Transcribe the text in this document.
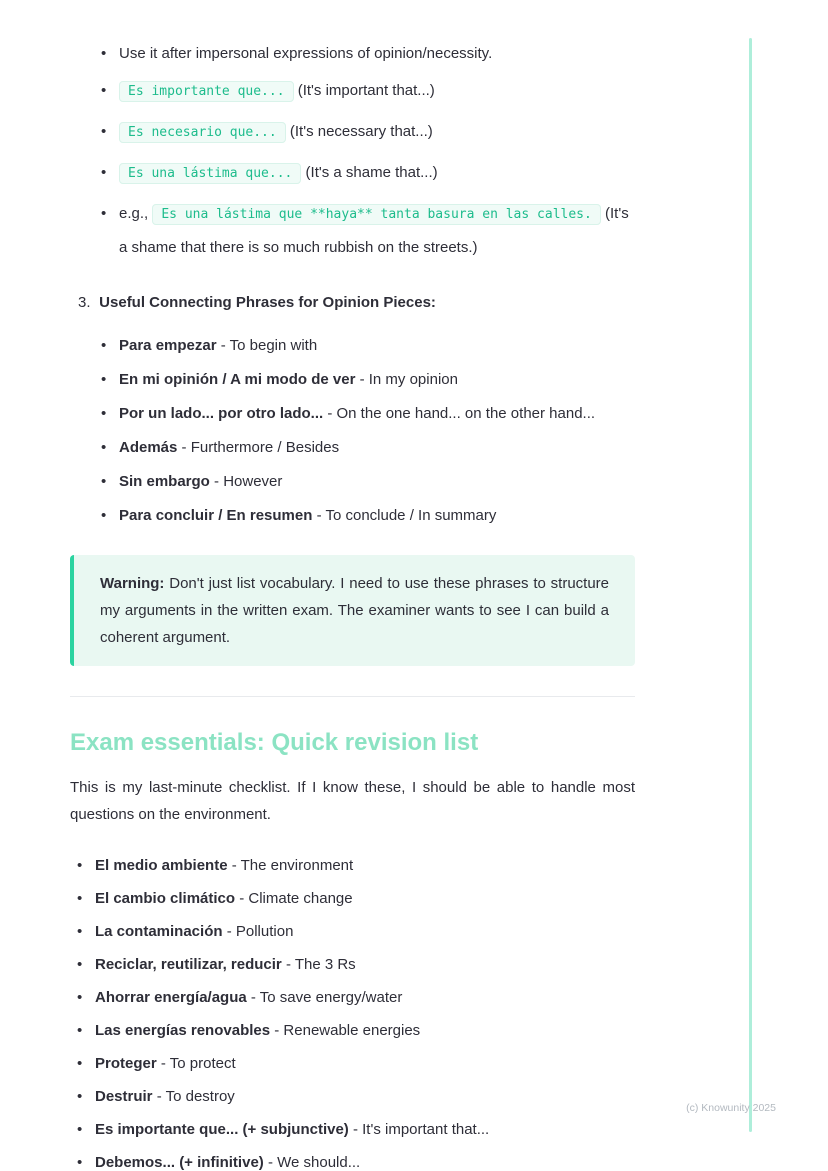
• Use it after impersonal expressions of opinion/necessity.
• Es importante que... (It's important that...)
• Es necesario que... (It's necessary that...)
• Es una lástima que... (It's a shame that...)
• e.g., Es una lástima que **haya** tanta basura en las calles. (It's a shame that there is so much rubbish on the streets.)
3. Useful Connecting Phrases for Opinion Pieces:
• Para empezar - To begin with
• En mi opinión / A mi modo de ver - In my opinion
• Por un lado... por otro lado... - On the one hand... on the other hand...
• Además - Furthermore / Besides
• Sin embargo - However
• Para concluir / En resumen - To conclude / In summary

Warning: Don't just list vocabulary. I need to use these phrases to structure my arguments in the written exam. The examiner wants to see I can build a coherent argument.

Exam essentials: Quick revision list

This is my last-minute checklist. If I know these, I should be able to handle most questions on the environment.

• El medio ambiente - The environment
• El cambio climático - Climate change
• La contaminación - Pollution
• Reciclar, reutilizar, reducir - The 3 Rs
• Ahorrar energía/agua - To save energy/water
• Las energías renovables - Renewable energies
• Proteger - To protect
• Destruir - To destroy
• Es importante que... (+ subjunctive) - It's important that...
• Debemos... (+ infinitive) - We should...
(c) Knowunity 2025
